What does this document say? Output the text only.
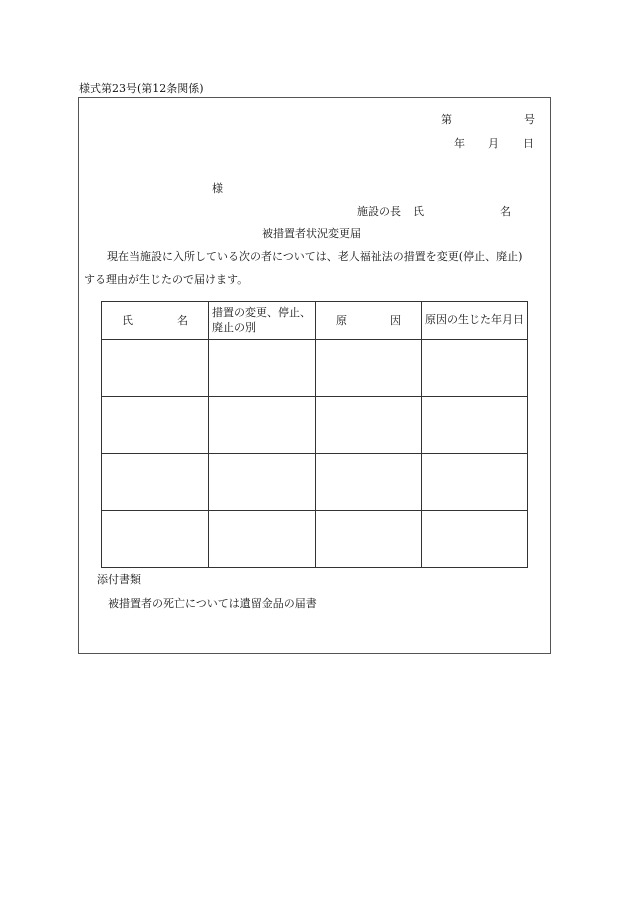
様式第23号(第12条関係)
第	号
年 月 日
様
施設の長 氏	名
被措置者状況変更届
現在当施設に入所している次の者については、老人福祉法の措置を変更(停止、廃止)
する理由が生じたので届けます。
氏 名	措置の変更、停止、廃止の別	原 因	原因の生じた年月日

添付書類
被措置者の死亡については遺留金品の届書
